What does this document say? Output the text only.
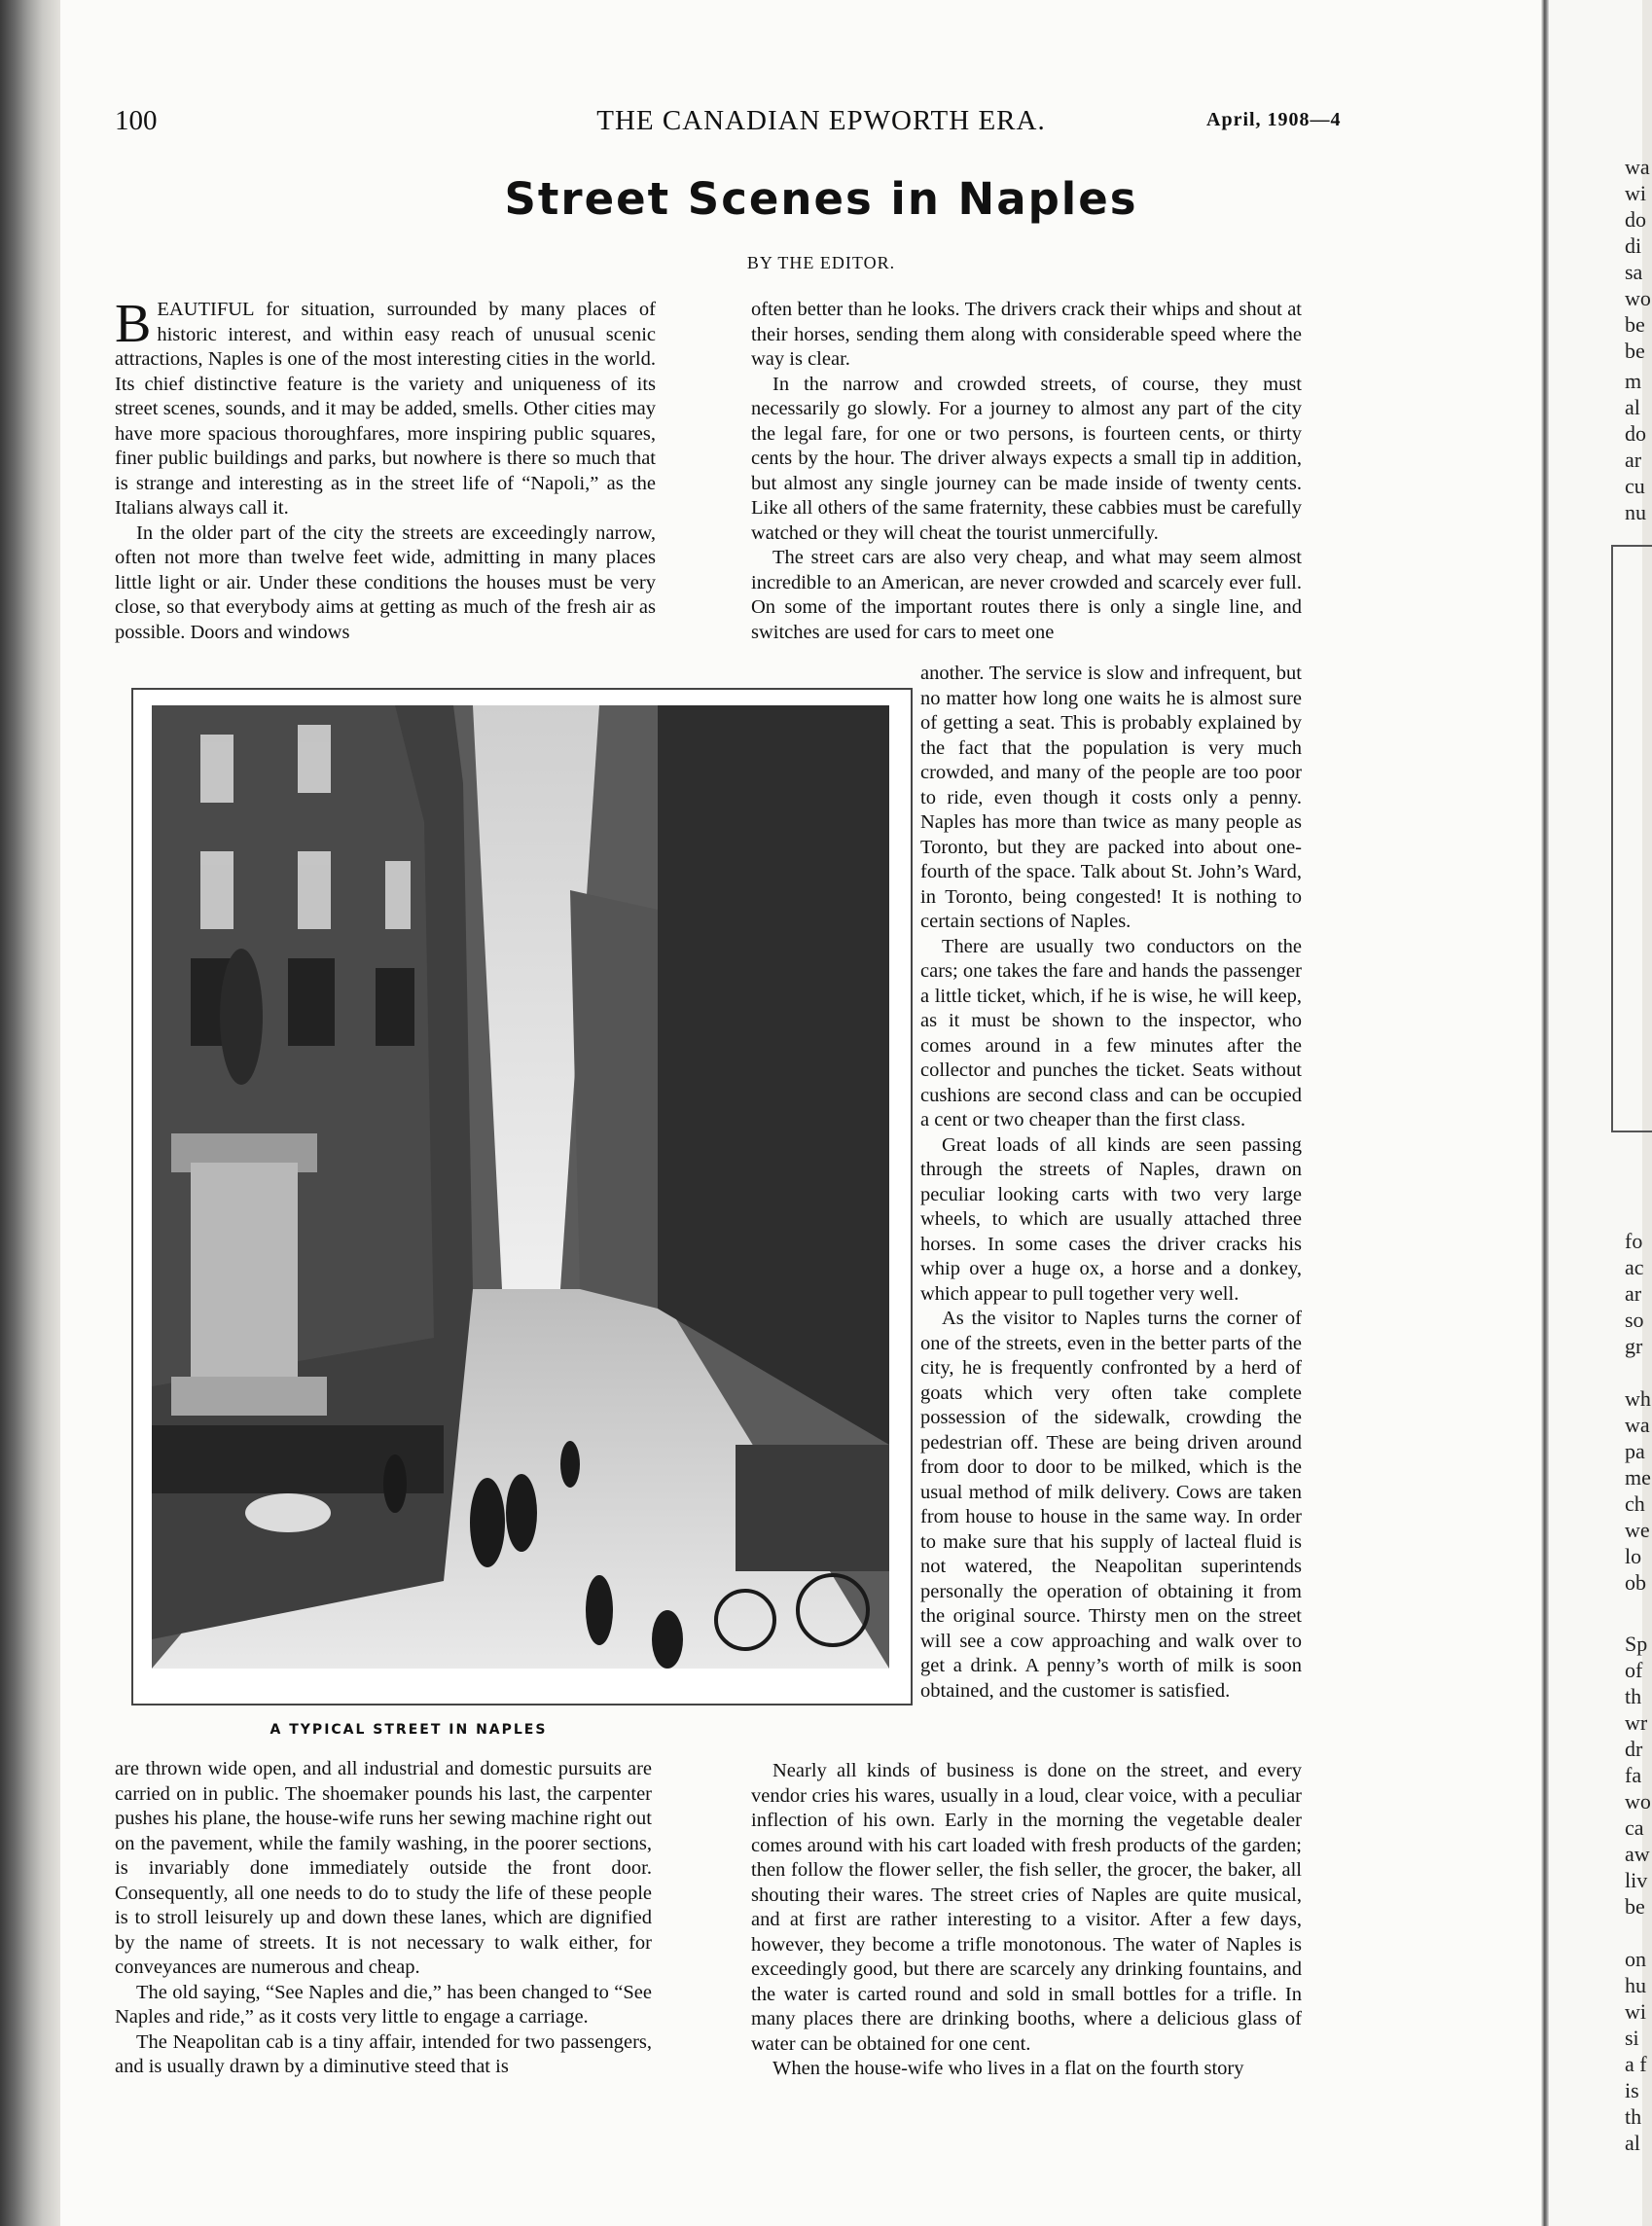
wa
wi
do
di
sa
wo
be
be
m
al
do
ar
cu
nu
fo
ac
ar
so
gr

wh
wa
pa
me
ch
we
lo
ob
Sp
of
th
wr
dr
fa
wo
ca
aw
liv
be

on
hu
wi
si
a f
is
th
al
100	THE CANADIAN EPWORTH ERA.	April, 1908—4
Street Scenes in Naples
BY THE EDITOR.

BEAUTIFUL for situation, surrounded by many places of historic interest, and within easy reach of unusual scenic attractions, Naples is one of the most interesting cities in the world. Its chief distinctive feature is the variety and uniqueness of its street scenes, sounds, and it may be added, smells. Other cities may have more spacious thoroughfares, more inspiring public squares, finer public buildings and parks, but nowhere is there so much that is strange and interesting as in the street life of “Napoli,” as the Italians always call it.

In the older part of the city the streets are exceedingly narrow, often not more than twelve feet wide, admitting in many places little light or air. Under these conditions the houses must be very close, so that everybody aims at getting as much of the fresh air as possible. Doors and windows

often better than he looks. The drivers crack their whips and shout at their horses, sending them along with considerable speed where the way is clear.

In the narrow and crowded streets, of course, they must necessarily go slowly. For a journey to almost any part of the city the legal fare, for one or two persons, is fourteen cents, or thirty cents by the hour. The driver always expects a small tip in addition, but almost any single journey can be made inside of twenty cents. Like all others of the same fraternity, these cabbies must be carefully watched or they will cheat the tourist unmercifully.

The street cars are also very cheap, and what may seem almost incredible to an American, are never crowded and scarcely ever full. On some of the important routes there is only a single line, and switches are used for cars to meet one

another. The service is slow and infrequent, but no matter how long one waits he is almost sure of getting a seat. This is probably explained by the fact that the population is very much crowded, and many of the people are too poor to ride, even though it costs only a penny. Naples has more than twice as many people as Toronto, but they are packed into about one-fourth of the space. Talk about St. John’s Ward, in Toronto, being congested! It is nothing to certain sections of Naples.

There are usually two conductors on the cars; one takes the fare and hands the passenger a little ticket, which, if he is wise, he will keep, as it must be shown to the inspector, who comes around in a few minutes after the collector and punches the ticket. Seats without cushions are second class and can be occupied a cent or two cheaper than the first class.

Great loads of all kinds are seen passing through the streets of Naples, drawn on peculiar looking carts with two very large wheels, to which are usually attached three horses. In some cases the driver cracks his whip over a huge ox, a horse and a donkey, which appear to pull together very well.

As the visitor to Naples turns the corner of one of the streets, even in the better parts of the city, he is frequently confronted by a herd of goats which very often take complete possession of the sidewalk, crowding the pedestrian off. These are being driven around from door to door to be milked, which is the usual method of milk delivery. Cows are taken from house to house in the same way. In order to make sure that his supply of lacteal fluid is not watered, the Neapolitan superintends personally the operation of obtaining it from the original source. Thirsty men on the street will see a cow approaching and walk over to get a drink. A penny’s worth of milk is soon obtained, and the customer is satisfied.

A TYPICAL STREET IN NAPLES

are thrown wide open, and all industrial and domestic pursuits are carried on in public. The shoemaker pounds his last, the carpenter pushes his plane, the house-wife runs her sewing machine right out on the pavement, while the family washing, in the poorer sections, is invariably done immediately outside the front door. Consequently, all one needs to do to study the life of these people is to stroll leisurely up and down these lanes, which are dignified by the name of streets. It is not necessary to walk either, for conveyances are numerous and cheap.

The old saying, “See Naples and die,” has been changed to “See Naples and ride,” as it costs very little to engage a carriage.

The Neapolitan cab is a tiny affair, intended for two passengers, and is usually drawn by a diminutive steed that is

Nearly all kinds of business is done on the street, and every vendor cries his wares, usually in a loud, clear voice, with a peculiar inflection of his own. Early in the morning the vegetable dealer comes around with his cart loaded with fresh products of the garden; then follow the flower seller, the fish seller, the grocer, the baker, all shouting their wares. The street cries of Naples are quite musical, and at first are rather interesting to a visitor. After a few days, however, they become a trifle monotonous. The water of Naples is exceedingly good, but there are scarcely any drinking fountains, and the water is carted round and sold in small bottles for a trifle. In many places there are drinking booths, where a delicious glass of water can be obtained for one cent.

When the house-wife who lives in a flat on the fourth story
